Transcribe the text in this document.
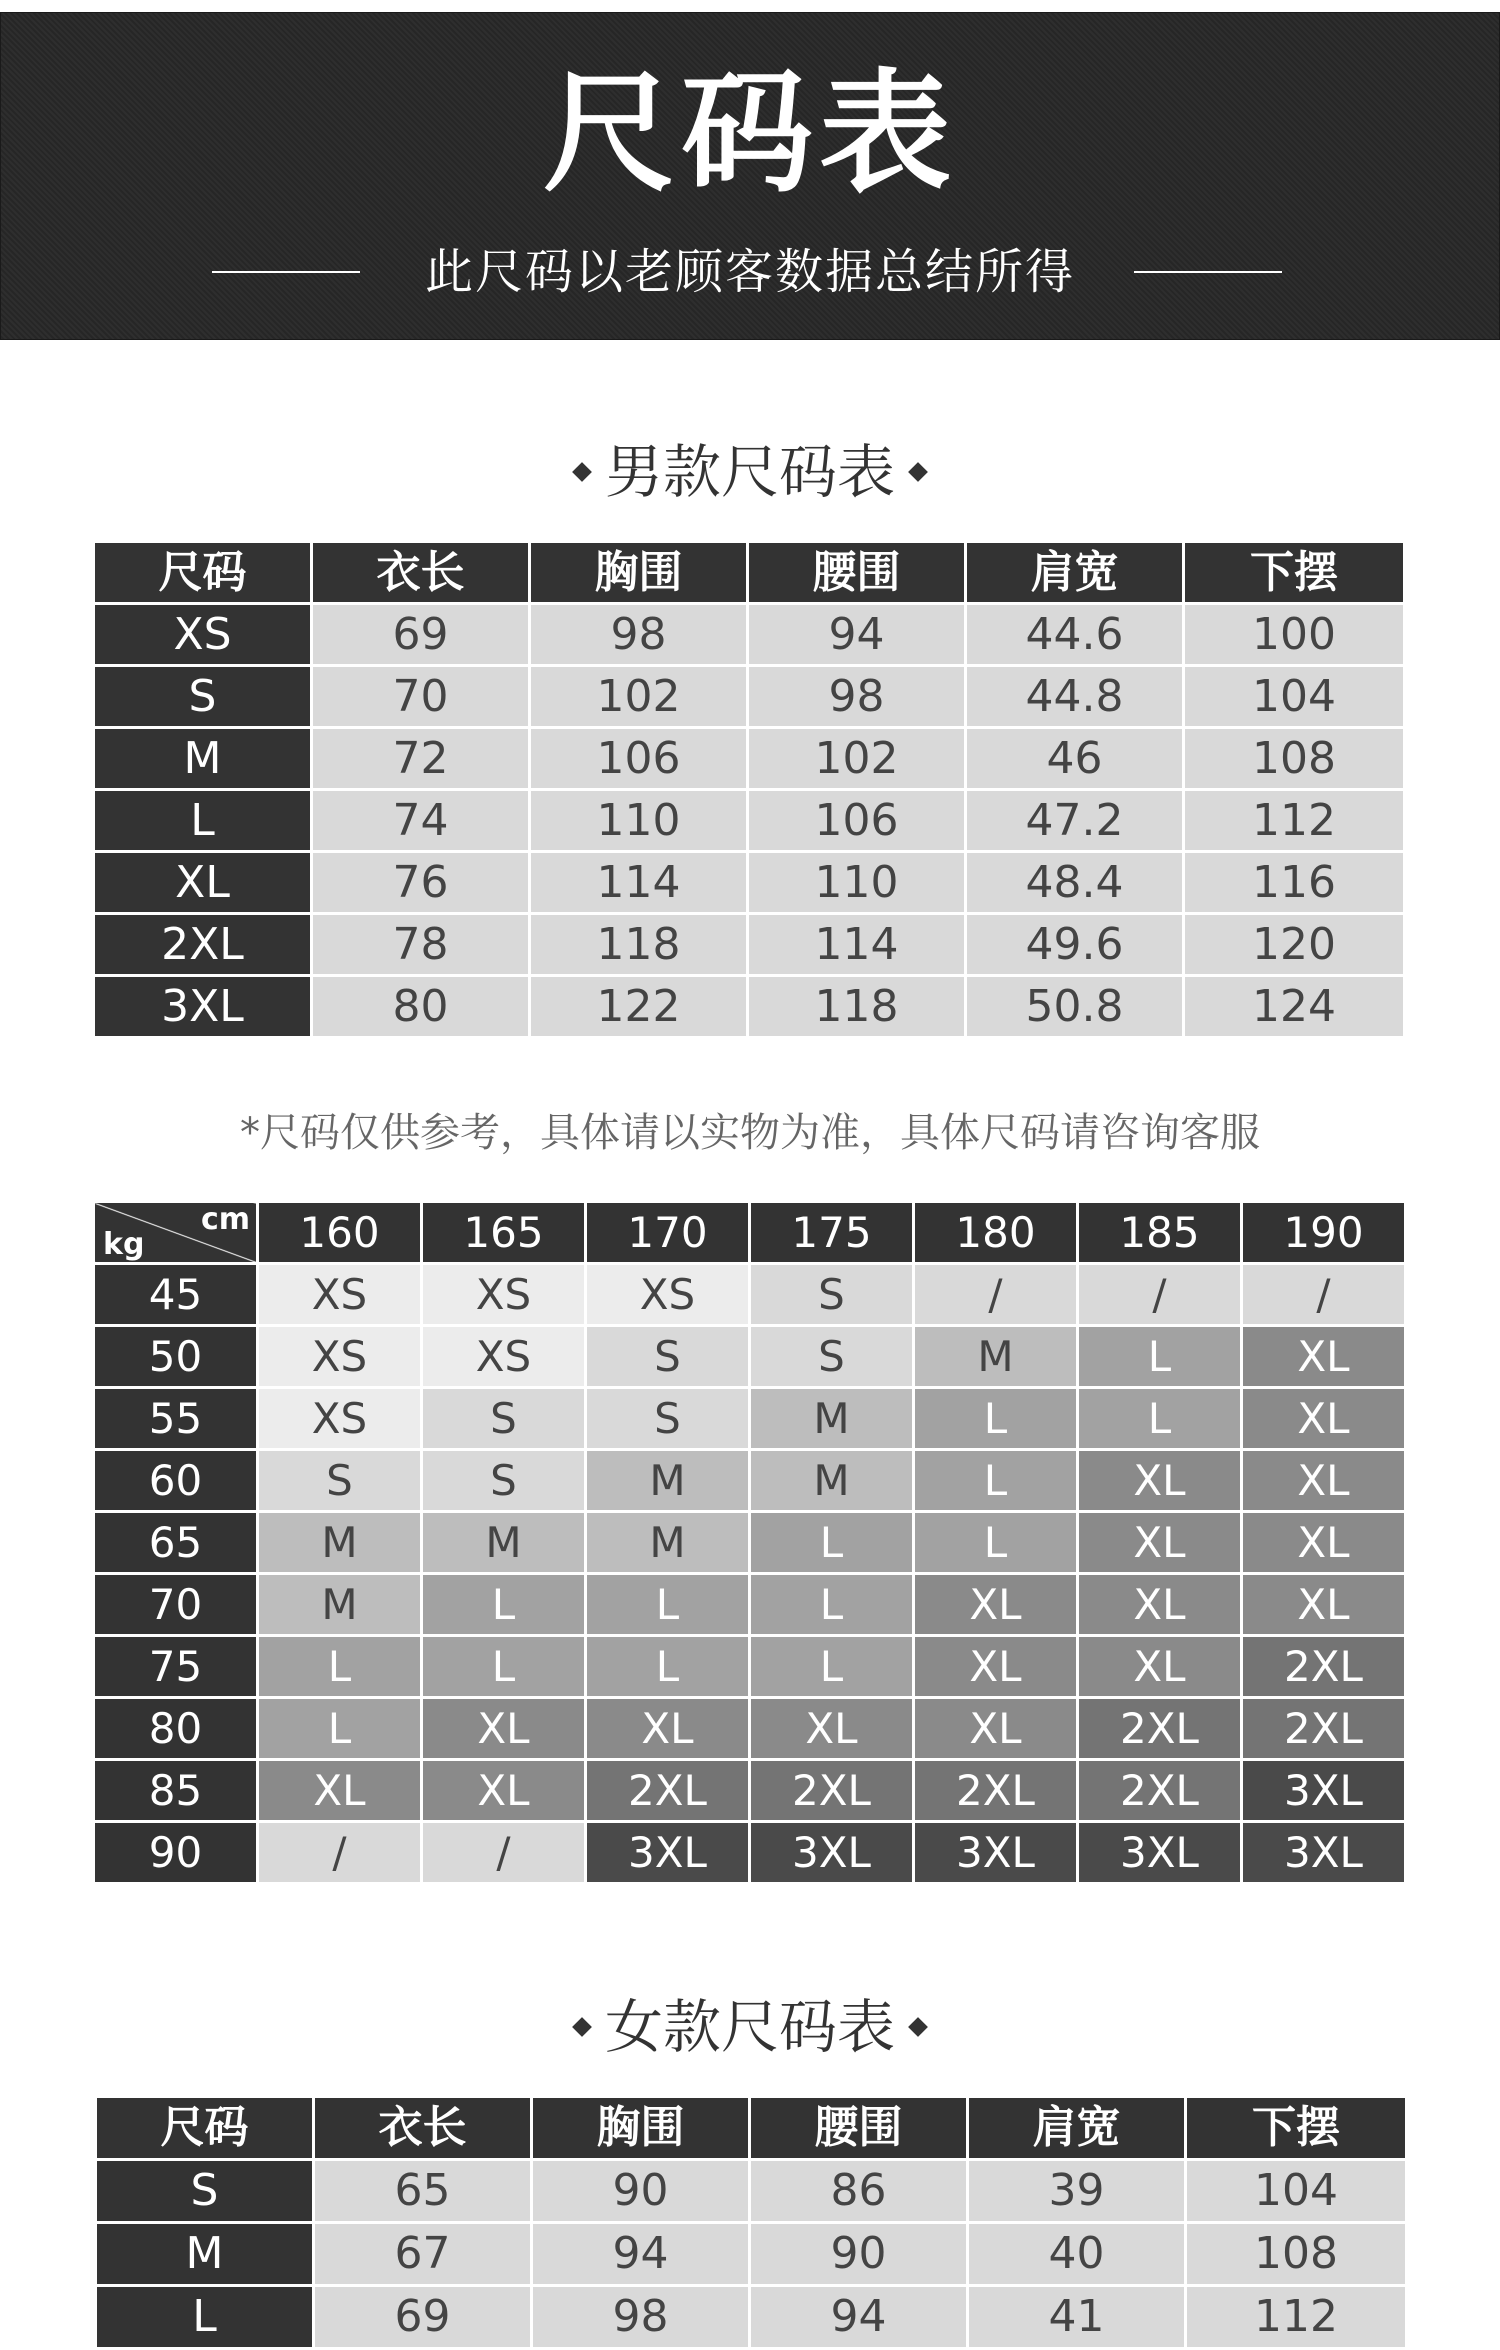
尺码表
此尺码以老顾客数据总结所得
男款尺码表
尺码	衣长	胸围	腰围	肩宽	下摆
XS	69	98	94	44.6	100
S	70	102	98	44.8	104
M	72	106	102	46	108
L	74	110	106	47.2	112
XL	76	114	110	48.4	116
2XL	78	118	114	49.6	120
3XL	80	122	118	50.8	124
*尺码仅供参考，具体请以实物为准，具体尺码请咨询客服
cm
kg	160	165	170	175	180	185	190
45	XS	XS	XS	S	/	/	/
50	XS	XS	S	S	M	L	XL
55	XS	S	S	M	L	L	XL
60	S	S	M	M	L	XL	XL
65	M	M	M	L	L	XL	XL
70	M	L	L	L	XL	XL	XL
75	L	L	L	L	XL	XL	2XL
80	L	XL	XL	XL	XL	2XL	2XL
85	XL	XL	2XL	2XL	2XL	2XL	3XL
90	/	/	3XL	3XL	3XL	3XL	3XL
女款尺码表
尺码	衣长	胸围	腰围	肩宽	下摆
S	65	90	86	39	104
M	67	94	90	40	108
L	69	98	94	41	112
